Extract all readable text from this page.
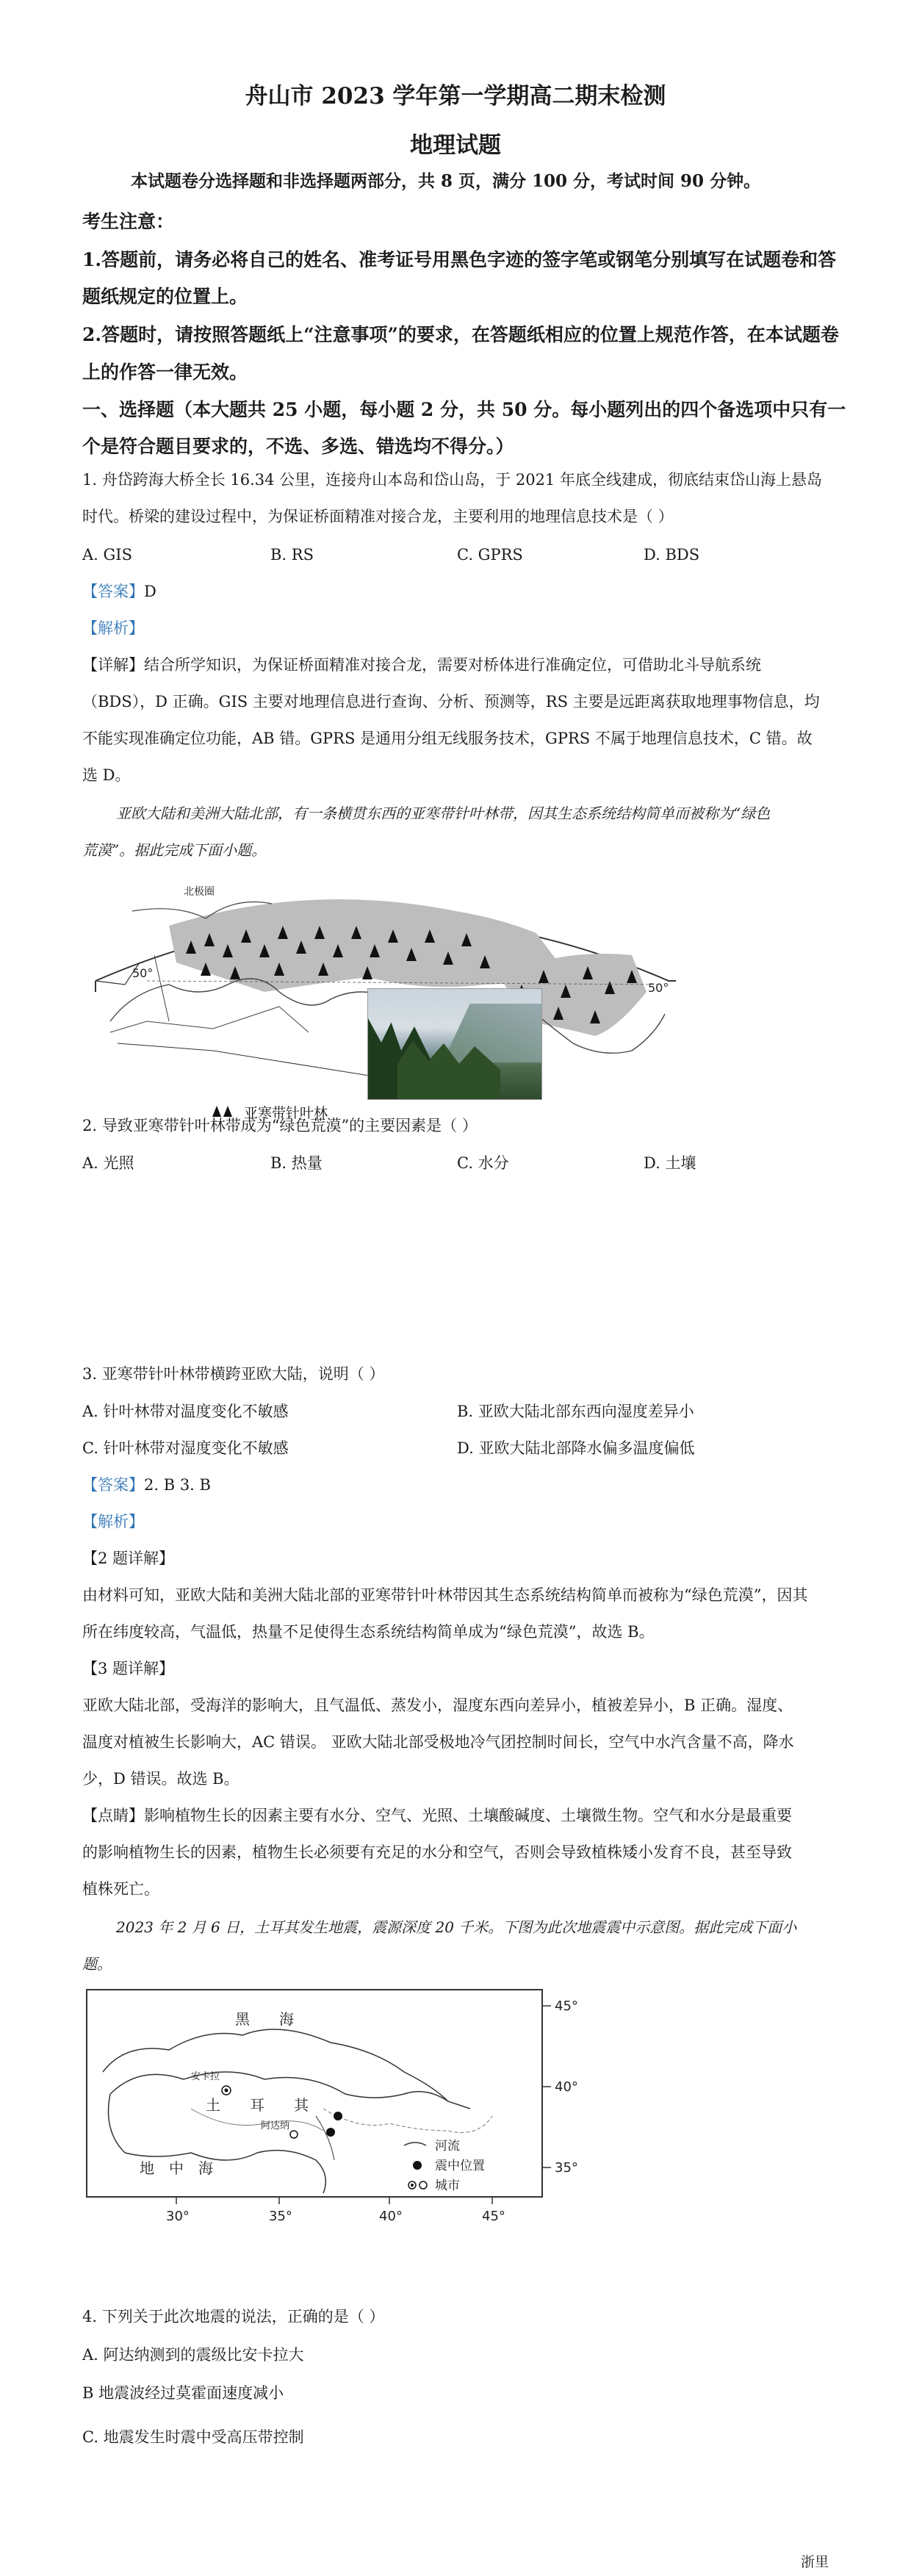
舟山市 2023 学年第一学期高二期末检测
地理试题
本试题卷分选择题和非选择题两部分，共 8 页，满分 100 分，考试时间 90 分钟。
考生注意：
1.答题前，请务必将自己的姓名、准考证号用黑色字迹的签字笔或钢笔分别填写在试题卷和答
题纸规定的位置上。
2.答题时，请按照答题纸上“注意事项”的要求，在答题纸相应的位置上规范作答，在本试题卷
上的作答一律无效。
一、选择题（本大题共 25 小题，每小题 2 分，共 50 分。每小题列出的四个备选项中只有一
个是符合题目要求的，不选、多选、错选均不得分。）
1. 舟岱跨海大桥全长 16.34 公里，连接舟山本岛和岱山岛，于 2021 年底全线建成，彻底结束岱山海上悬岛
时代。桥梁的建设过程中，为保证桥面精准对接合龙，主要利用的地理信息技术是（ ）
A. GIS	B. RS	C. GPRS	D. BDS
【答案】D
【解析】
【详解】结合所学知识，为保证桥面精准对接合龙，需要对桥体进行准确定位，可借助北斗导航系统
（BDS），D 正确。GIS 主要对地理信息进行查询、分析、预测等，RS 主要是远距离获取地理事物信息，均
不能实现准确定位功能，AB 错。GPRS 是通用分组无线服务技术，GPRS 不属于地理信息技术，C 错。故
选 D。
亚欧大陆和美洲大陆北部，有一条横贯东西的亚寒带针叶林带，因其生态系统结构简单而被称为“绿色
荒漠”。据此完成下面小题。
北极圈
50°
50°
亚寒带针叶林
2. 导致亚寒带针叶林带成为“绿色荒漠”的主要因素是（ ）
A. 光照	B. 热量	C. 水分	D. 土壤
3. 亚寒带针叶林带横跨亚欧大陆，说明（ ）
A. 针叶林带对温度变化不敏感	B. 亚欧大陆北部东西向湿度差异小
C. 针叶林带对湿度变化不敏感	D. 亚欧大陆北部降水偏多温度偏低
【答案】2. B 3. B
【解析】
【2 题详解】
由材料可知，亚欧大陆和美洲大陆北部的亚寒带针叶林带因其生态系统结构简单而被称为“绿色荒漠”，因其
所在纬度较高，气温低，热量不足使得生态系统结构简单成为“绿色荒漠”，故选 B。
【3 题详解】
亚欧大陆北部，受海洋的影响大，且气温低、蒸发小，湿度东西向差异小，植被差异小，B 正确。湿度、
温度对植被生长影响大，AC 错误。 亚欧大陆北部受极地冷气团控制时间长，空气中水汽含量不高，降水
少，D 错误。故选 B。
【点睛】影响植物生长的因素主要有水分、空气、光照、土壤酸碱度、土壤微生物。空气和水分是最重要
的影响植物生长的因素，植物生长必须要有充足的水分和空气，否则会导致植株矮小发育不良，甚至导致
植株死亡。
2023 年 2 月 6 日，土耳其发生地震，震源深度 20 千米。下图为此次地震震中示意图。据此完成下面小
题。
45°
40°
35°
30°	35°	40°	45°
黑　　海
土　　耳　　其
地　中　海
安卡拉
阿达纳
河流
震中位置
城市
4. 下列关于此次地震的说法，正确的是（ ）
A. 阿达纳测到的震级比安卡拉大
B 地震波经过莫霍面速度减小
C. 地震发生时震中受高压带控制
浙里
